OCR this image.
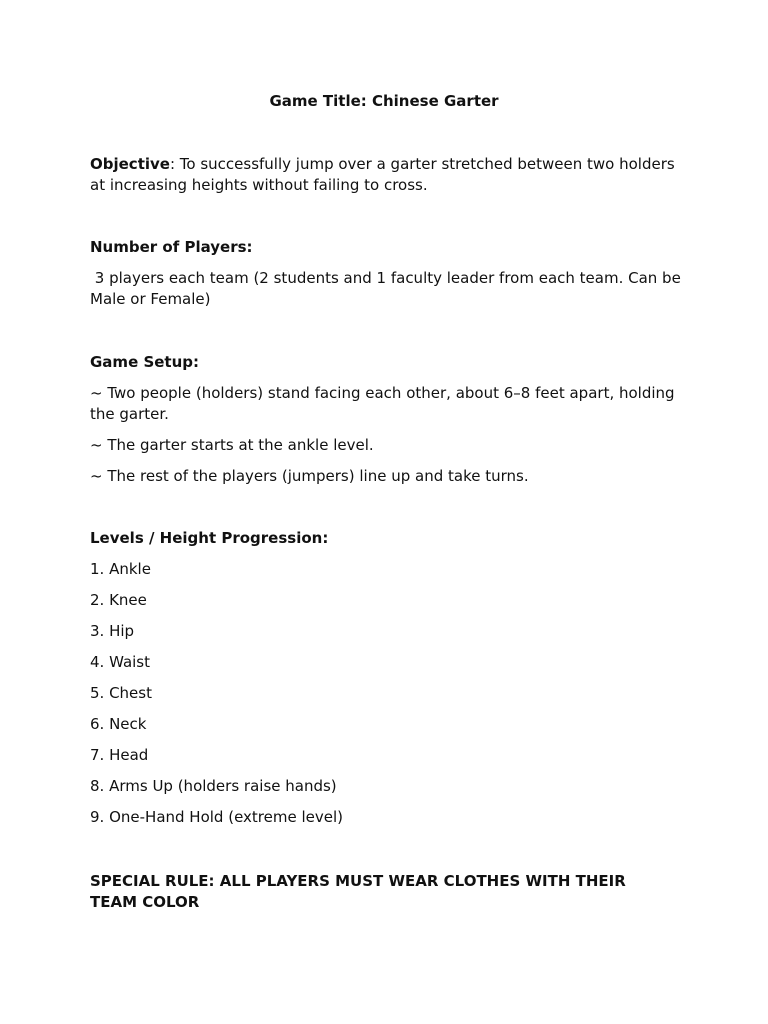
Game Title: Chinese Garter

Objective: To successfully jump over a garter stretched between two holders at increasing heights without failing to cross.

Number of Players:

3 players each team (2 students and 1 faculty leader from each team. Can be Male or Female)

Game Setup:

~ Two people (holders) stand facing each other, about 6–8 feet apart, holding the garter.

~ The garter starts at the ankle level.

~ The rest of the players (jumpers) line up and take turns.

Levels / Height Progression:

1. Ankle

2. Knee

3. Hip

4. Waist

5. Chest

6. Neck

7. Head

8. Arms Up (holders raise hands)

9. One-Hand Hold (extreme level)

SPECIAL RULE: ALL PLAYERS MUST WEAR CLOTHES WITH THEIR TEAM COLOR
